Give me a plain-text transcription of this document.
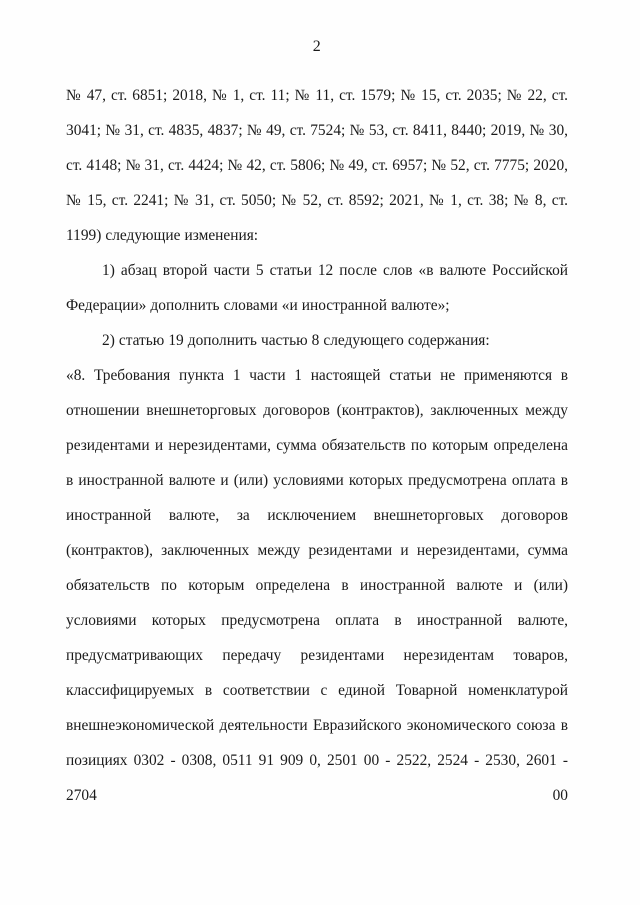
2

№ 47, ст. 6851; 2018, № 1, ст. 11; № 11, ст. 1579; № 15, ст. 2035; № 22, ст. 3041; № 31, ст. 4835, 4837; № 49, ст. 7524; № 53, ст. 8411, 8440; 2019, № 30, ст. 4148; № 31, ст. 4424; № 42, ст. 5806; № 49, ст. 6957; № 52, ст. 7775; 2020, № 15, ст. 2241; № 31, ст. 5050; № 52, ст. 8592; 2021, № 1, ст. 38; № 8, ст. 1199) следующие изменения:

1) абзац второй части 5 статьи 12 после слов «в валюте Российской Федерации» дополнить словами «и иностранной валюте»;

2) статью 19 дополнить частью 8 следующего содержания:

«8. Требования пункта 1 части 1 настоящей статьи не применяются в отношении внешнеторговых договоров (контрактов), заключенных между резидентами и нерезидентами, сумма обязательств по которым определена в иностранной валюте и (или) условиями которых предусмотрена оплата в иностранной валюте, за исключением внешнеторговых договоров (контрактов), заключенных между резидентами и нерезидентами, сумма обязательств по которым определена в иностранной валюте и (или) условиями которых предусмотрена оплата в иностранной валюте, предусматривающих передачу резидентами нерезидентам товаров, классифицируемых в соответствии с единой Товарной номенклатурой внешнеэкономической деятельности Евразийского экономического союза в позициях 0302 - 0308, 0511 91 909 0, 2501 00 - 2522, 2524 - 2530, 2601 - 2704 00
